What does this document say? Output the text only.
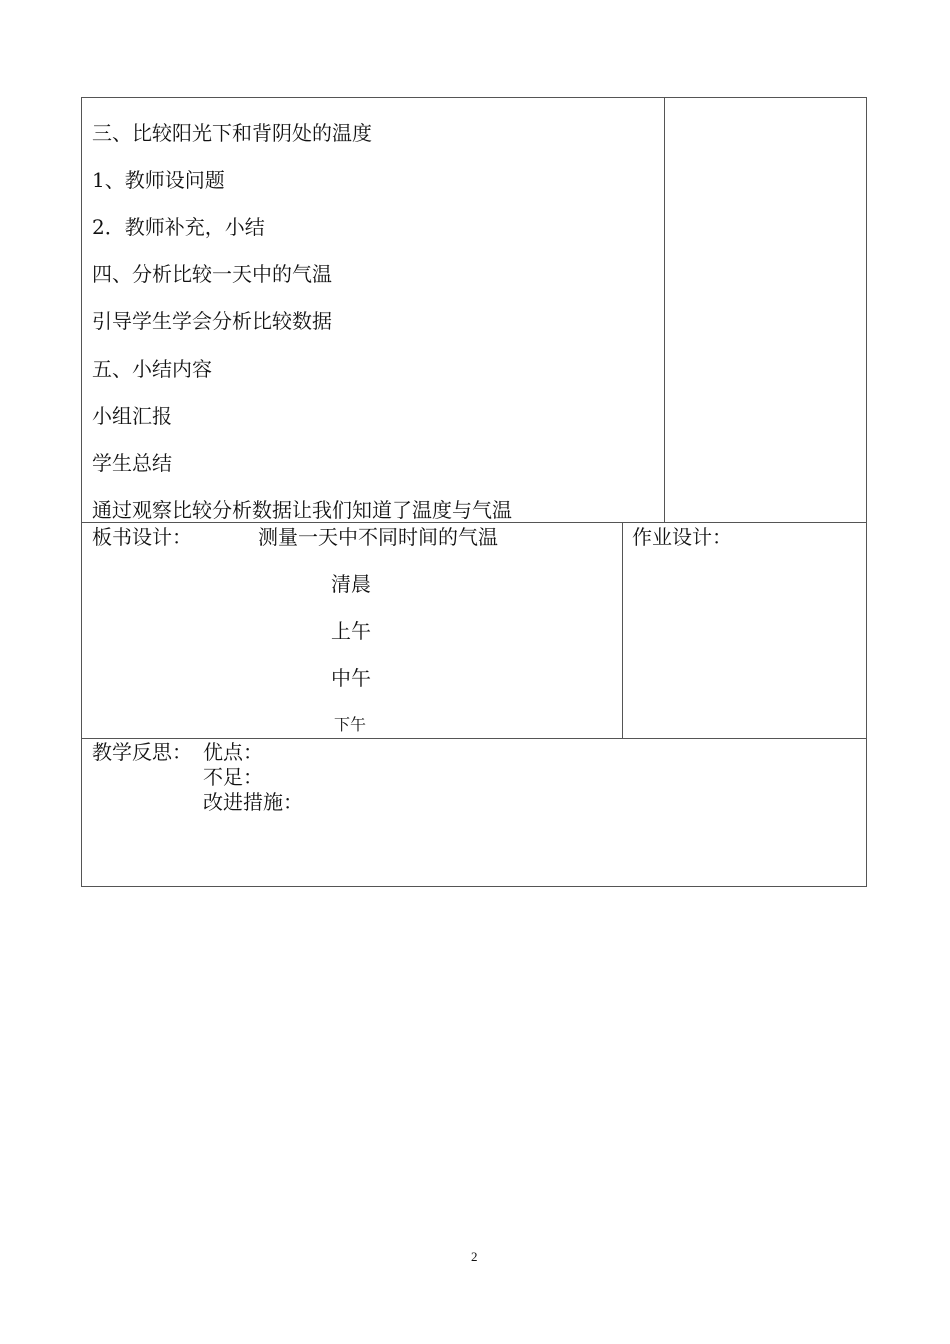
三、比较阳光下和背阴处的温度
1、教师设问题
2．教师补充，小结
四、分析比较一天中的气温
引导学生学会分析比较数据
五、小结内容
小组汇报
学生总结
通过观察比较分析数据让我们知道了温度与气温
板书设计：	测量一天中不同时间的气温
清晨
上午
中午
下午
作业设计：
教学反思： 优点：
不足：
改进措施：
2
